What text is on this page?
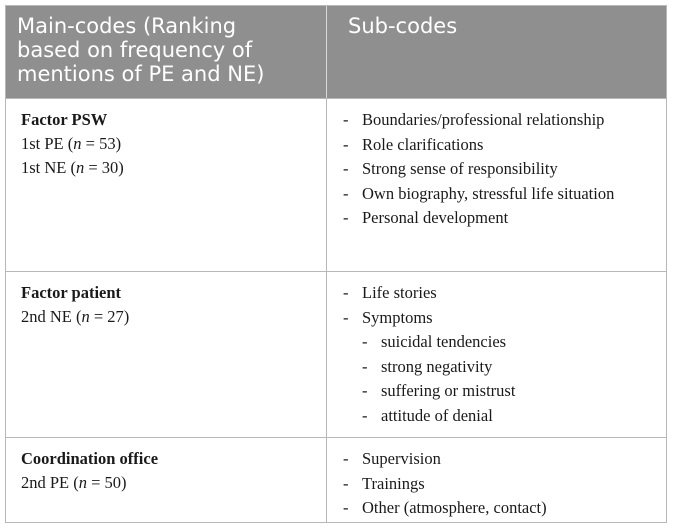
Main-codes (Ranking
based on frequency of
mentions of PE and NE)
Sub-codes
Factor PSW
1st PE (n = 53)
1st NE (n = 30)
- Boundaries/professional relationship
- Role clarifications
- Strong sense of responsibility
- Own biography, stressful life situation
- Personal development
Factor patient
2nd NE (n = 27)
- Life stories
- Symptoms
- suicidal tendencies
- strong negativity
- suffering or mistrust
- attitude of denial
Coordination office
2nd PE (n = 50)
- Supervision
- Trainings
- Other (atmosphere, contact)
